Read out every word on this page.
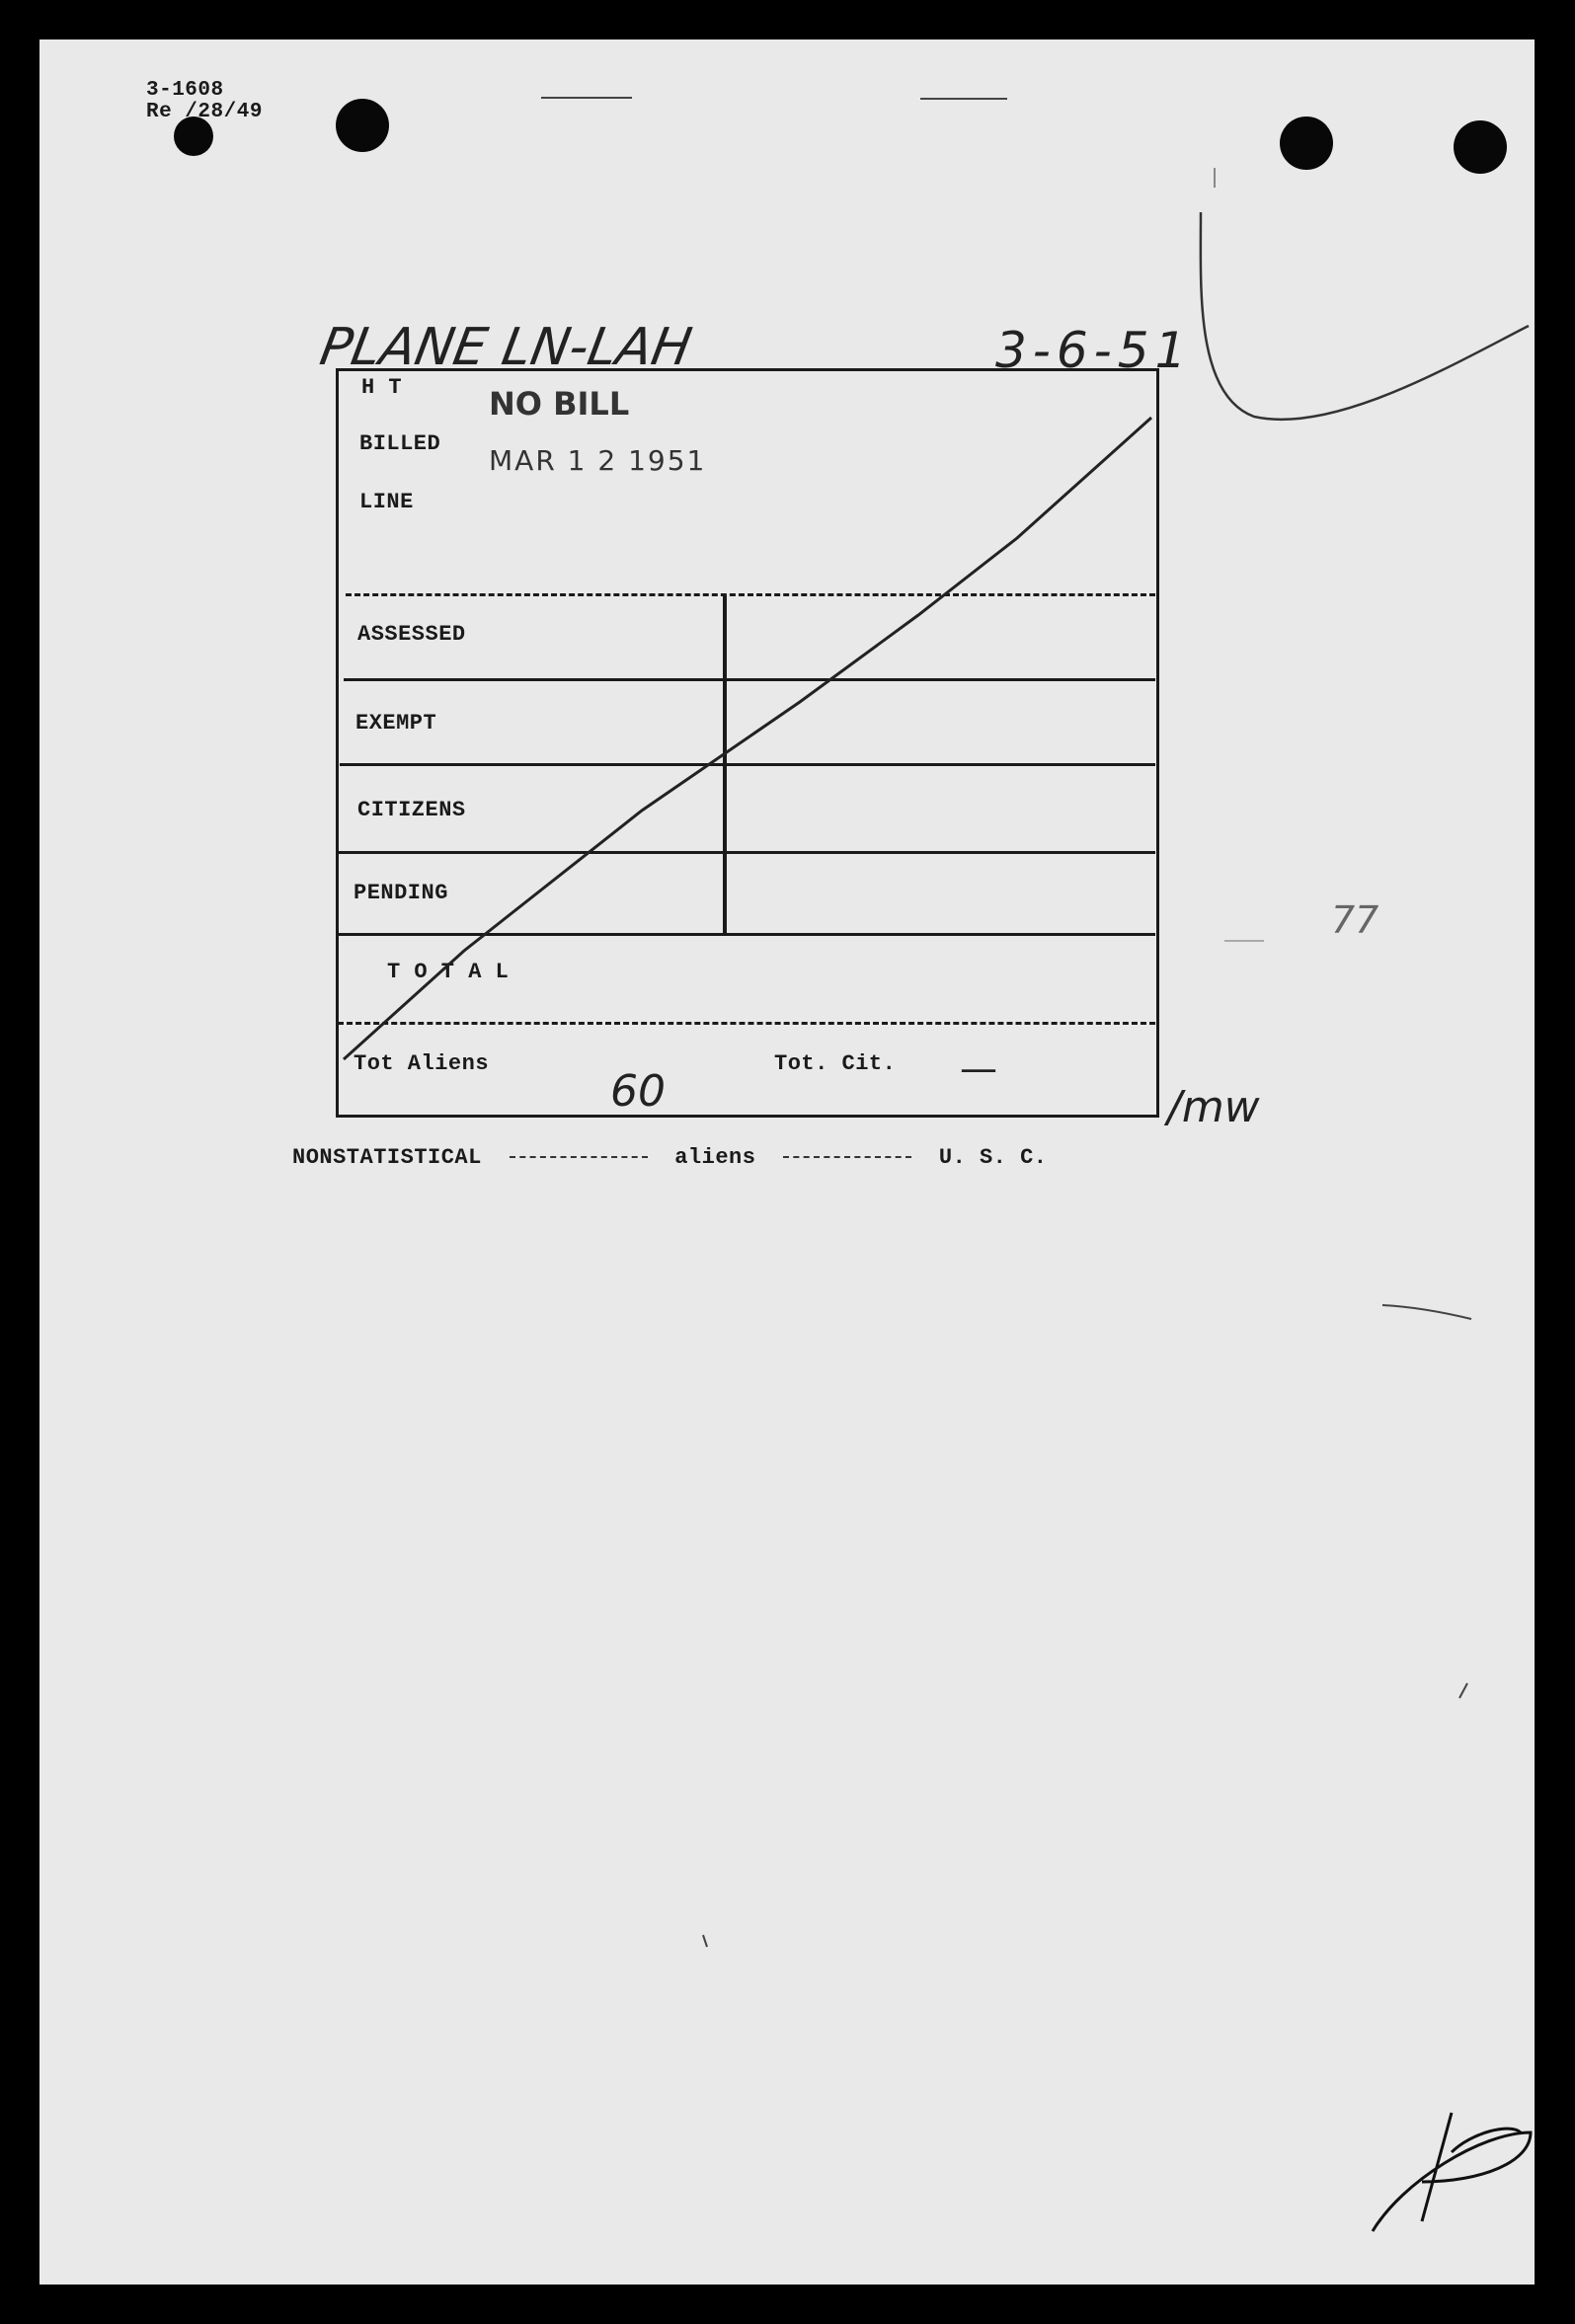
3-1608
Re /28/49
PLANE LN-LAH	3-6-51
H T
BILLED
LINE
NO BILL
MAR 1 2 1951
ASSESSED
EXEMPT
CITIZENS
PENDING
T O T A L
Tot Aliens
60
Tot. Cit. —
77
/mw
NONSTATISTICAL	aliens	U. S. C.
